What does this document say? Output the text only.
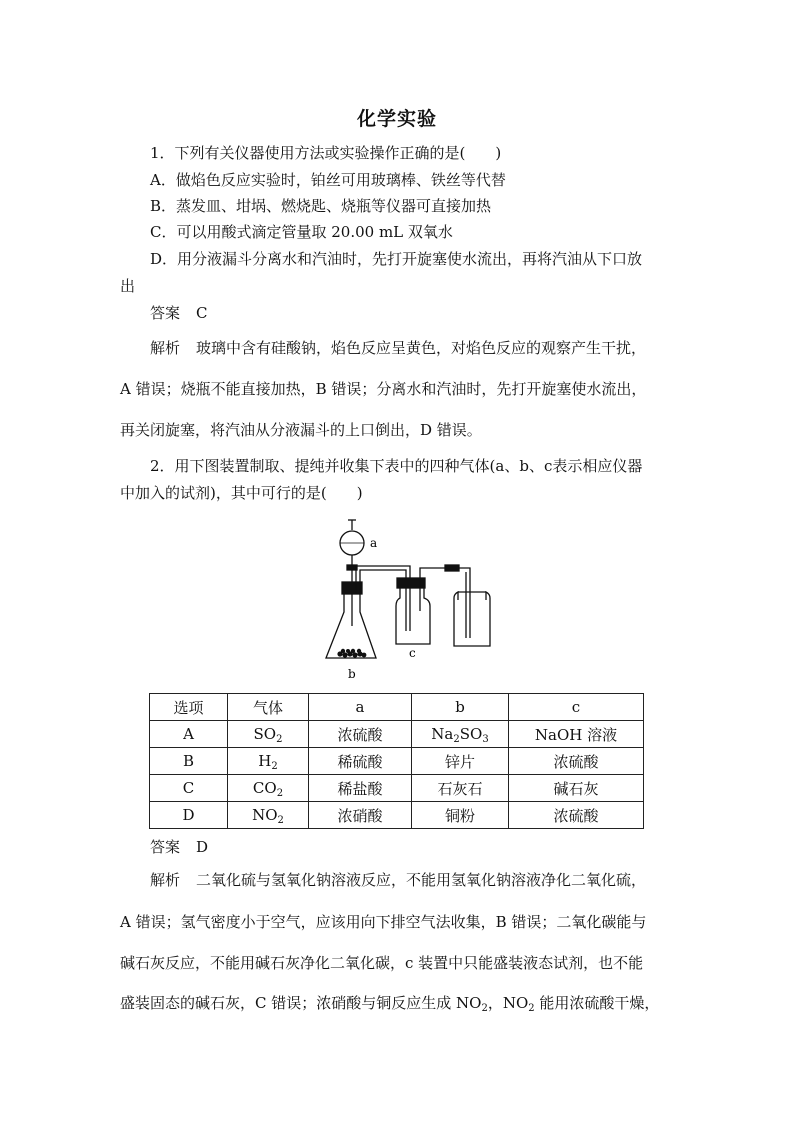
化学实验
1．下列有关仪器使用方法或实验操作正确的是(　　)
A．做焰色反应实验时，铂丝可用玻璃棒、铁丝等代替
B．蒸发皿、坩埚、燃烧匙、烧瓶等仪器可直接加热
C．可以用酸式滴定管量取 20.00 mL 双氧水
D．用分液漏斗分离水和汽油时，先打开旋塞使水流出，再将汽油从下口放
出
答案 C
解析 玻璃中含有硅酸钠，焰色反应呈黄色，对焰色反应的观察产生干扰，
A 错误；烧瓶不能直接加热，B 错误；分离水和汽油时，先打开旋塞使水流出，
再关闭旋塞，将汽油从分液漏斗的上口倒出，D 错误。
2．用下图装置制取、提纯并收集下表中的四种气体(a、b、c表示相应仪器
中加入的试剂)，其中可行的是(　　)
a
b
c
选项	气体	a	b	c
A	$SO_2$	浓硫酸	$Na_2SO_3$	NaOH 溶液
B	$H_2$	稀硫酸	锌片	浓硫酸
C	$CO_2$	稀盐酸	石灰石	碱石灰
D	$NO_2$	浓硝酸	铜粉	浓硫酸
答案 D
解析 二氧化硫与氢氧化钠溶液反应，不能用氢氧化钠溶液净化二氧化硫，
A 错误；氢气密度小于空气，应该用向下排空气法收集，B 错误；二氧化碳能与
碱石灰反应，不能用碱石灰净化二氧化碳，c 装置中只能盛装液态试剂，也不能
盛装固态的碱石灰，C 错误；浓硝酸与铜反应生成 $NO_2$，$NO_2$ 能用浓硫酸干燥，
